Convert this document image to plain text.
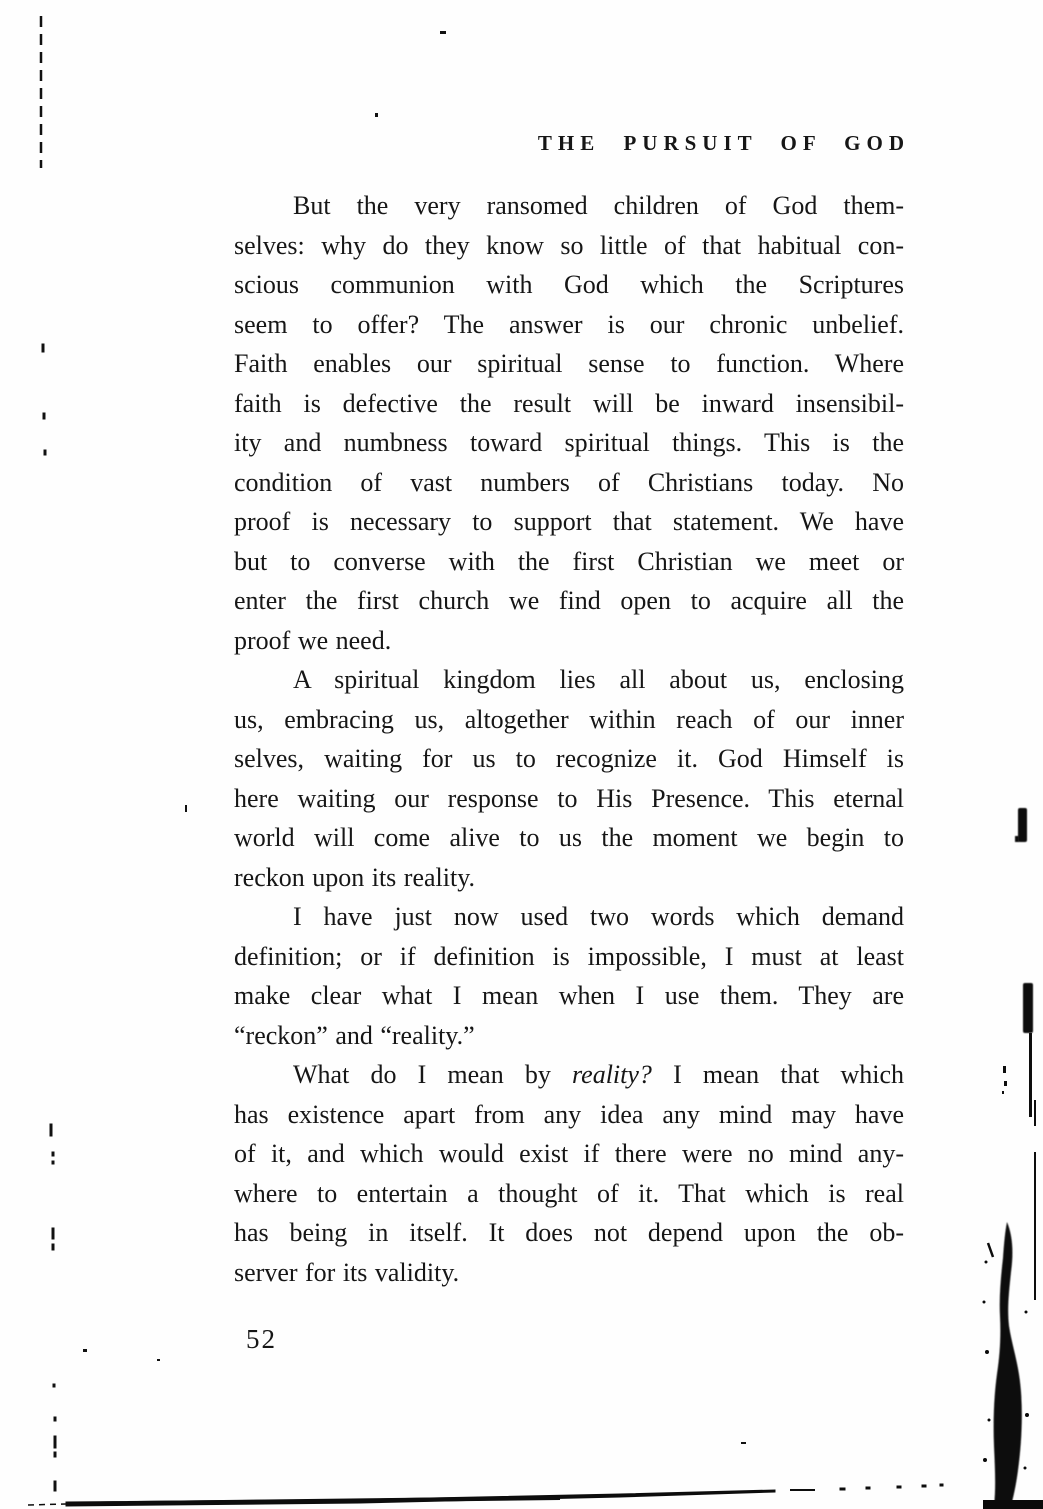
THE PURSUIT OF GOD
But the very ransomed children of God them-
selves: why do they know so little of that habitual con-
scious communion with God which the Scriptures
seem to offer? The answer is our chronic unbelief.
Faith enables our spiritual sense to function. Where
faith is defective the result will be inward insensibil-
ity and numbness toward spiritual things. This is the
condition of vast numbers of Christians today. No
proof is necessary to support that statement. We have
but to converse with the first Christian we meet or
enter the first church we find open to acquire all the
proof we need.
A spiritual kingdom lies all about us, enclosing
us, embracing us, altogether within reach of our inner
selves, waiting for us to recognize it. God Himself is
here waiting our response to His Presence. This eternal
world will come alive to us the moment we begin to
reckon upon its reality.
I have just now used two words which demand
definition; or if definition is impossible, I must at least
make clear what I mean when I use them. They are
“reckon” and “reality.”
What do I mean by reality? I mean that which
has existence apart from any idea any mind may have
of it, and which would exist if there were no mind any-
where to entertain a thought of it. That which is real
has being in itself. It does not depend upon the ob-
server for its validity.
52
